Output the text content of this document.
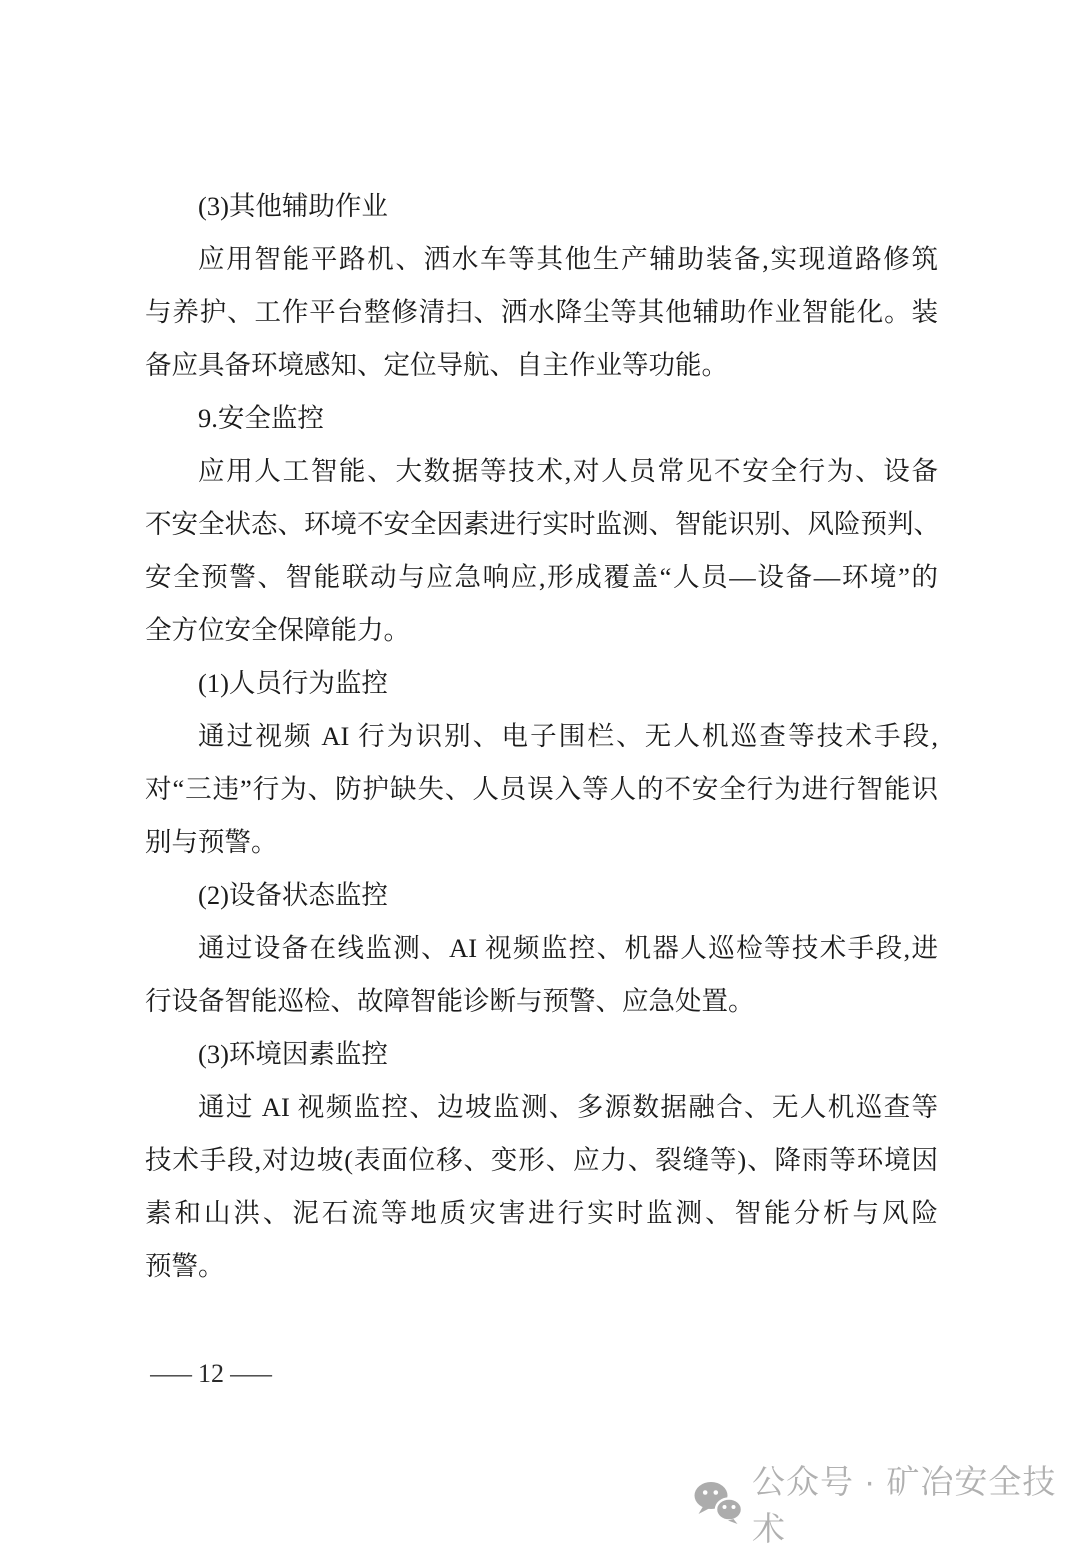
(3)其他辅助作业
应用智能平路机、洒水车等其他生产辅助装备,实现道路修筑
与养护、工作平台整修清扫、洒水降尘等其他辅助作业智能化。装
备应具备环境感知、定位导航、自主作业等功能。
9.安全监控
应用人工智能、大数据等技术,对人员常见不安全行为、设备
不安全状态、环境不安全因素进行实时监测、智能识别、风险预判、
安全预警、智能联动与应急响应,形成覆盖“人员—设备—环境”的
全方位安全保障能力。
(1)人员行为监控
通过视频 AI 行为识别、电子围栏、无人机巡查等技术手段,
对“三违”行为、防护缺失、人员误入等人的不安全行为进行智能识
别与预警。
(2)设备状态监控
通过设备在线监测、AI 视频监控、机器人巡检等技术手段,进
行设备智能巡检、故障智能诊断与预警、应急处置。
(3)环境因素监控
通过 AI 视频监控、边坡监测、多源数据融合、无人机巡查等
技术手段,对边坡(表面位移、变形、应力、裂缝等)、降雨等环境因
素和山洪、泥石流等地质灾害进行实时监测、智能分析与风险
预警。
— 12 —
公众号 · 矿冶安全技术
